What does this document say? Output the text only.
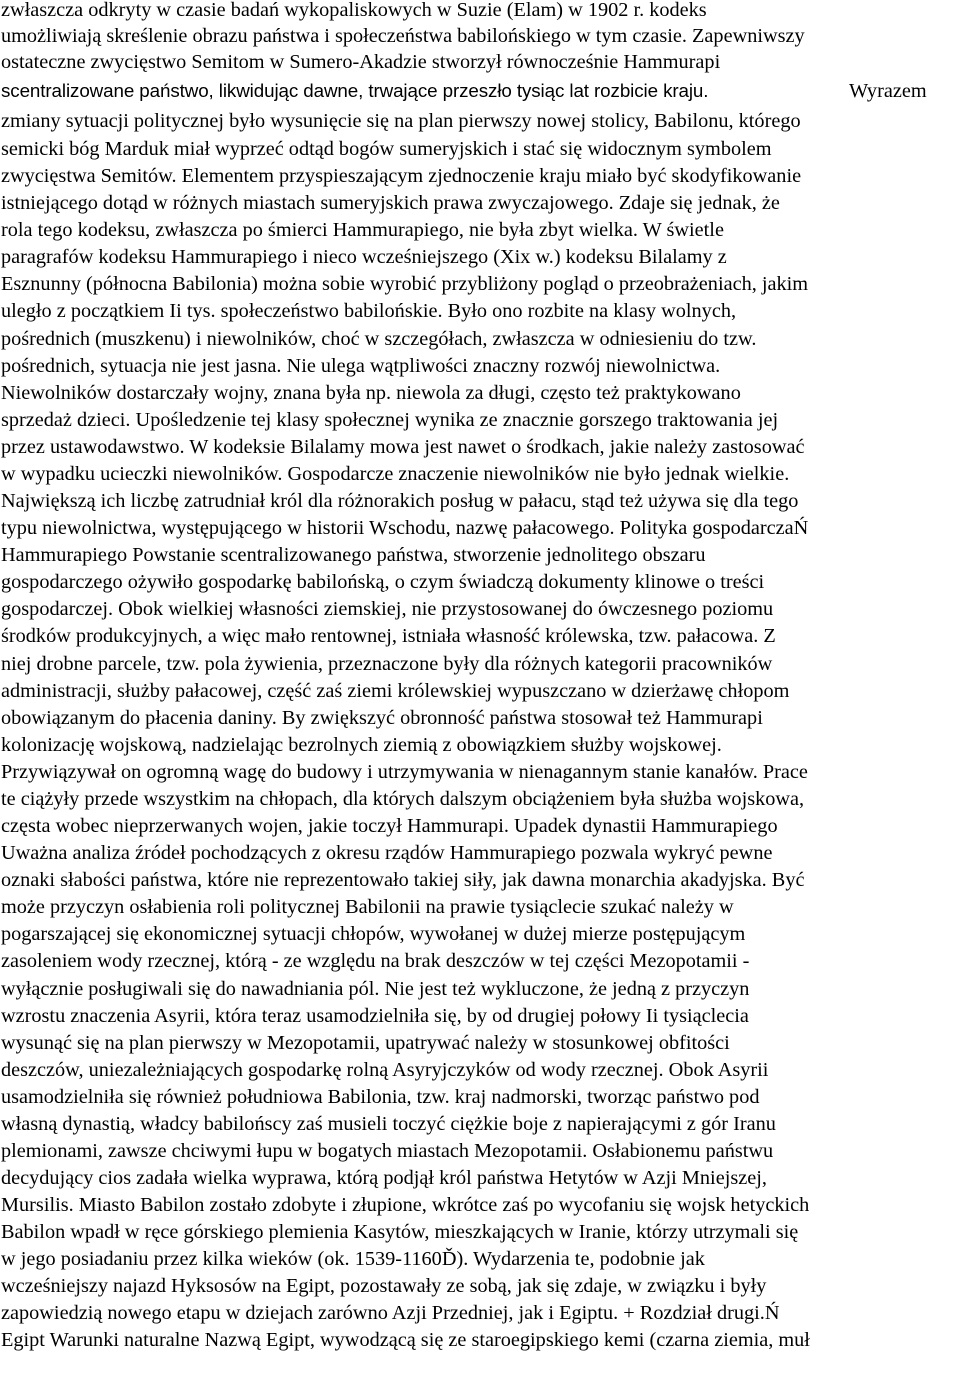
zwłaszcza odkryty w czasie badań wykopaliskowych w Suzie (Elam) w 1902 r. kodeks

umożliwiają skreślenie obrazu państwa i społeczeństwa babilońskiego w tym czasie. Zapewniwszy

ostateczne zwycięstwo Semitom w Sumero-Akadzie stworzył równocześnie Hammurapi

scentralizowane państwo, likwidując dawne, trwające przeszło tysiąc lat rozbicie kraju.	Wyrazem

zmiany sytuacji politycznej było wysunięcie się na plan pierwszy nowej stolicy, Babilonu, którego

semicki bóg Marduk miał wyprzeć odtąd bogów sumeryjskich i stać się widocznym symbolem

zwycięstwa Semitów. Elementem przyspieszającym zjednoczenie kraju miało być skodyfikowanie

istniejącego dotąd w różnych miastach sumeryjskich prawa zwyczajowego. Zdaje się jednak, że

rola tego kodeksu, zwłaszcza po śmierci Hammurapiego, nie była zbyt wielka. W świetle

paragrafów kodeksu Hammurapiego i nieco wcześniejszego (Xix w.) kodeksu Bilalamy z

Esznunny (północna Babilonia) można sobie wyrobić przybliżony pogląd o przeobrażeniach, jakim

uległo z początkiem Ii tys. społeczeństwo babilońskie. Było ono rozbite na klasy wolnych,

pośrednich (muszkenu) i niewolników, choć w szczegółach, zwłaszcza w odniesieniu do tzw.

pośrednich, sytuacja nie jest jasna. Nie ulega wątpliwości znaczny rozwój niewolnictwa.

Niewolników dostarczały wojny, znana była np. niewola za długi, często też praktykowano

sprzedaż dzieci. Upośledzenie tej klasy społecznej wynika ze znacznie gorszego traktowania jej

przez ustawodawstwo. W kodeksie Bilalamy mowa jest nawet o środkach, jakie należy zastosować

w wypadku ucieczki niewolników. Gospodarcze znaczenie niewolników nie było jednak wielkie.

Największą ich liczbę zatrudniał król dla różnorakich posług w pałacu, stąd też używa się dla tego

typu niewolnictwa, występującego w historii Wschodu, nazwę pałacowego. Polityka gospodarczaŃ

Hammurapiego Powstanie scentralizowanego państwa, stworzenie jednolitego obszaru

gospodarczego ożywiło gospodarkę babilońską, o czym świadczą dokumenty klinowe o treści

gospodarczej. Obok wielkiej własności ziemskiej, nie przystosowanej do ówczesnego poziomu

środków produkcyjnych, a więc mało rentownej, istniała własność królewska, tzw. pałacowa. Z

niej drobne parcele, tzw. pola żywienia, przeznaczone były dla różnych kategorii pracowników

administracji, służby pałacowej, część zaś ziemi królewskiej wypuszczano w dzierżawę chłopom

obowiązanym do płacenia daniny. By zwiększyć obronność państwa stosował też Hammurapi

kolonizację wojskową, nadzielając bezrolnych ziemią z obowiązkiem służby wojskowej.

Przywiązywał on ogromną wagę do budowy i utrzymywania w nienagannym stanie kanałów. Prace

te ciążyły przede wszystkim na chłopach, dla których dalszym obciążeniem była służba wojskowa,

częsta wobec nieprzerwanych wojen, jakie toczył Hammurapi. Upadek dynastii Hammurapiego

Uważna analiza źródeł pochodzących z okresu rządów Hammurapiego pozwala wykryć pewne

oznaki słabości państwa, które nie reprezentowało takiej siły, jak dawna monarchia akadyjska. Być

może przyczyn osłabienia roli politycznej Babilonii na prawie tysiąclecie szukać należy w

pogarszającej się ekonomicznej sytuacji chłopów, wywołanej w dużej mierze postępującym

zasoleniem wody rzecznej, którą - ze względu na brak deszczów w tej części Mezopotamii -

wyłącznie posługiwali się do nawadniania pól. Nie jest też wykluczone, że jedną z przyczyn

wzrostu znaczenia Asyrii, która teraz usamodzielniła się, by od drugiej połowy Ii tysiąclecia

wysunąć się na plan pierwszy w Mezopotamii, upatrywać należy w stosunkowej obfitości

deszczów, uniezależniających gospodarkę rolną Asyryjczyków od wody rzecznej. Obok Asyrii

usamodzielniła się również południowa Babilonia, tzw. kraj nadmorski, tworząc państwo pod

własną dynastią, władcy babilońscy zaś musieli toczyć ciężkie boje z napierającymi z gór Iranu

plemionami, zawsze chciwymi łupu w bogatych miastach Mezopotamii. Osłabionemu państwu

decydujący cios zadała wielka wyprawa, którą podjął król państwa Hetytów w Azji Mniejszej,

Mursilis. Miasto Babilon zostało zdobyte i złupione, wkrótce zaś po wycofaniu się wojsk hetyckich

Babilon wpadł w ręce górskiego plemienia Kasytów, mieszkających w Iranie, którzy utrzymali się

w jego posiadaniu przez kilka wieków (ok. 1539-1160Ď). Wydarzenia te, podobnie jak

wcześniejszy najazd Hyksosów na Egipt, pozostawały ze sobą, jak się zdaje, w związku i były

zapowiedzią nowego etapu w dziejach zarówno Azji Przedniej, jak i Egiptu. + Rozdział drugi.Ń

Egipt Warunki naturalne Nazwą Egipt, wywodzącą się ze staroegipskiego kemi (czarna ziemia, muł
